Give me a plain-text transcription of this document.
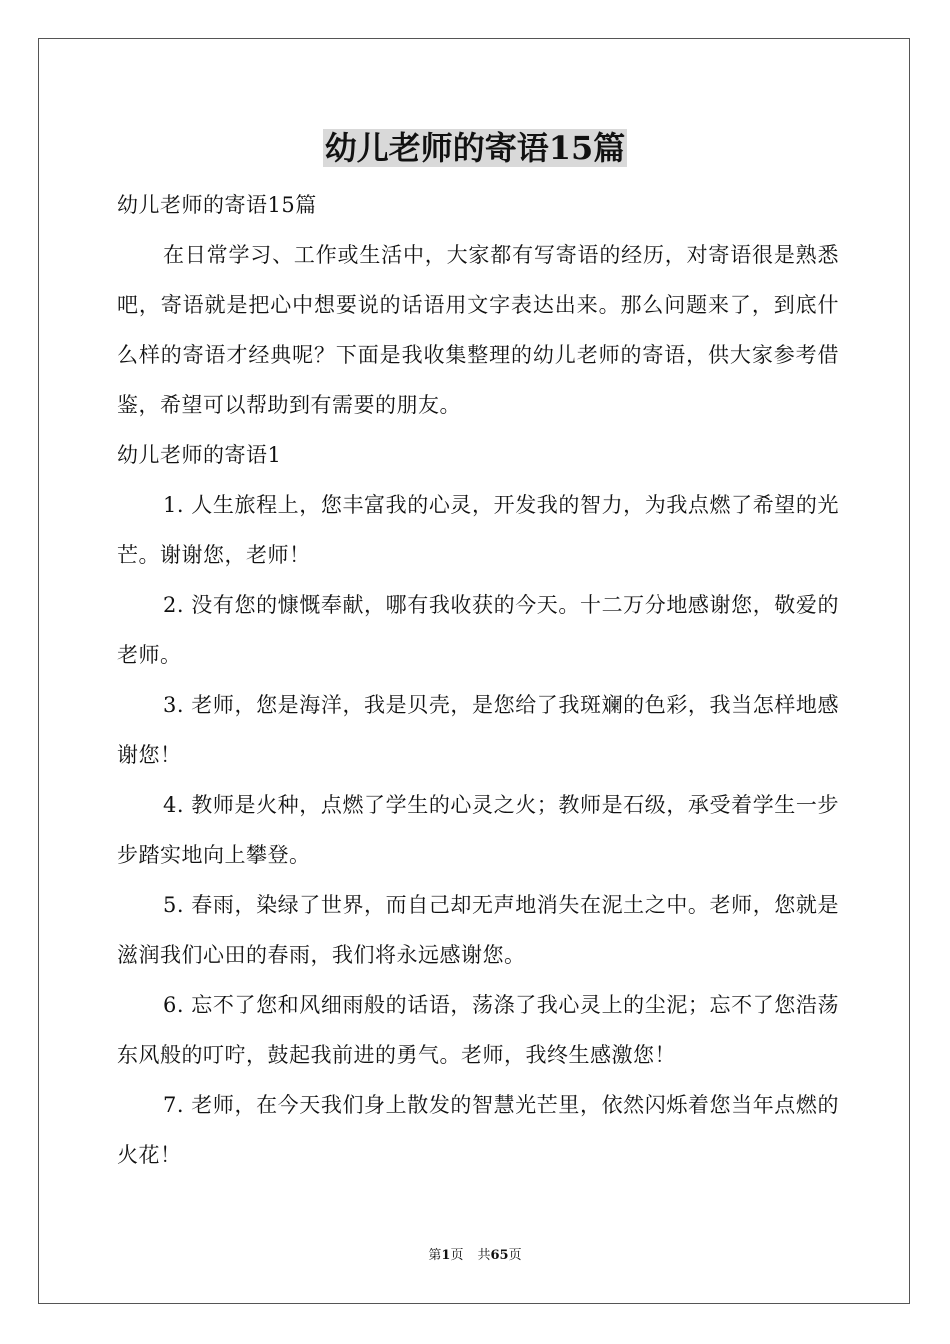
幼儿老师的寄语15篇

幼儿老师的寄语15篇

在日常学习、工作或生活中，大家都有写寄语的经历，对寄语很是熟悉吧，寄语就是把心中想要说的话语用文字表达出来。那么问题来了，到底什么样的寄语才经典呢？下面是我收集整理的幼儿老师的寄语，供大家参考借鉴，希望可以帮助到有需要的朋友。

幼儿老师的寄语1

1. 人生旅程上，您丰富我的心灵，开发我的智力，为我点燃了希望的光芒。谢谢您，老师！

2. 没有您的慷慨奉献，哪有我收获的今天。十二万分地感谢您，敬爱的老师。

3. 老师，您是海洋，我是贝壳，是您给了我斑斓的色彩，我当怎样地感谢您！

4. 教师是火种，点燃了学生的心灵之火；教师是石级，承受着学生一步步踏实地向上攀登。

5. 春雨，染绿了世界，而自己却无声地消失在泥土之中。老师，您就是滋润我们心田的春雨，我们将永远感谢您。

6. 忘不了您和风细雨般的话语，荡涤了我心灵上的尘泥；忘不了您浩荡东风般的叮咛，鼓起我前进的勇气。老师，我终生感激您！

7. 老师，在今天我们身上散发的智慧光芒里，依然闪烁着您当年点燃的火花！

第1页 共65页
